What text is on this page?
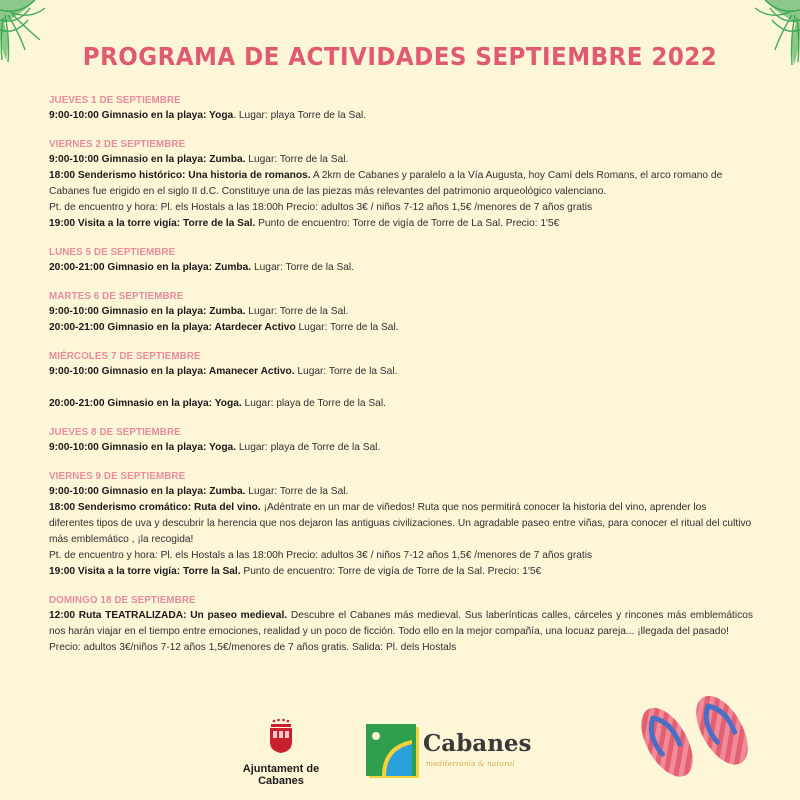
PROGRAMA DE ACTIVIDADES SEPTIEMBRE 2022
JUEVES 1 DE SEPTIEMBRE

9:00-10:00 Gimnasio en la playa: Yoga. Lugar: playa Torre de la Sal.

VIERNES 2 DE SEPTIEMBRE

9:00-10:00 Gimnasio en la playa: Zumba. Lugar: Torre de la Sal.

18:00 Senderismo histórico: Una historia de romanos. A 2km de Cabanes y paralelo a la Vía Augusta, hoy Camí dels Romans, el arco romano de Cabanes fue erigido en el siglo II d.C. Constituye una de las piezas más relevantes del patrimonio arqueológico valenciano.

Pt. de encuentro y hora: Pl. els Hostals a las 18:00h Precio: adultos 3€ / niños 7-12 años 1,5€ /menores de 7 años gratis

19:00 Visita a la torre vigía: Torre de la Sal. Punto de encuentro: Torre de vigía de Torre de La Sal. Precio: 1'5€

LUNES 5 DE SEPTIEMBRE

20:00-21:00 Gimnasio en la playa: Zumba. Lugar: Torre de la Sal.

MARTES 6 DE SEPTIEMBRE

9:00-10:00 Gimnasio en la playa: Zumba. Lugar: Torre de la Sal.

20:00-21:00 Gimnasio en la playa: Atardecer Activo Lugar: Torre de la Sal.

MIÉRCOLES 7 DE SEPTIEMBRE

9:00-10:00 Gimnasio en la playa: Amanecer Activo. Lugar: Torre de la Sal.

20:00-21:00 Gimnasio en la playa: Yoga. Lugar: playa de Torre de la Sal.

JUEVES 8 DE SEPTIEMBRE

9:00-10:00 Gimnasio en la playa: Yoga. Lugar: playa de Torre de la Sal.

VIERNES 9 DE SEPTIEMBRE

9:00-10:00 Gimnasio en la playa: Zumba. Lugar: Torre de la Sal.

18:00 Senderismo cromático: Ruta del vino. ¡Adéntrate en un mar de viñedos! Ruta que nos permitirá conocer la historia del vino, aprender los diferentes tipos de uva y descubrir la herencia que nos dejaron las antiguas civilizaciones. Un agradable paseo entre viñas, para conocer el ritual del cultivo más emblemático , ¡la recogida!

Pt. de encuentro y hora: Pl. els Hostals a las 18:00h Precio: adultos 3€ / niños 7-12 años 1,5€ /menores de 7 años gratis

19:00 Visita a la torre vigía: Torre la Sal. Punto de encuentro: Torre de vigía de Torre de la Sal. Precio: 1'5€

DOMINGO 18 DE SEPTIEMBRE

12:00 Ruta TEATRALIZADA: Un paseo medieval. Descubre el Cabanes más medieval. Sus laberínticas calles, cárceles y rincones más emblemáticos nos harán viajar en el tiempo entre emociones, realidad y un poco de ficción. Todo ello en la mejor compañía, una locuaz pareja... ¡llegada del pasado!

Precio: adultos 3€/niños 7-12 años 1,5€/menores de 7 años gratis. Salida: Pl. dels Hostals

Ajuntament de Cabanes
Cabanes
mediterrània & natural
